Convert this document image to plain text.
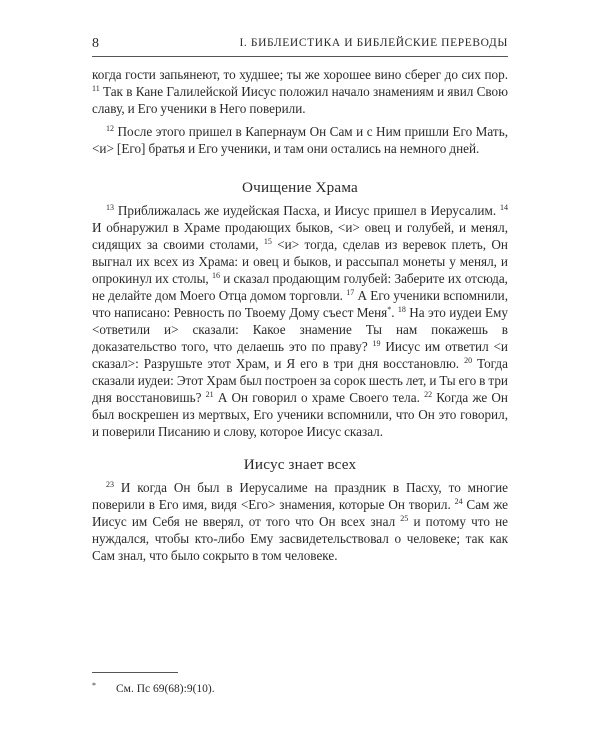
8	I. БИБЛЕИСТИКА И БИБЛЕЙСКИЕ ПЕРЕВОДЫ

когда гости запьянеют, то худшее; ты же хорошее вино сберег до сих пор. $^{11}$ Так в Кане Галилейской Иисус положил начало знамениям и явил Свою славу, и Его ученики в Него поверили.

$^{12}$ После этого пришел в Капернаум Он Сам и с Ним пришли Его Мать, <и> [Его] братья и Его ученики, и там они остались на немного дней.

Очищение Храма

$^{13}$ Приближалась же иудейская Пасха, и Иисус пришел в Иерусалим. $^{14}$ И обнаружил в Храме продающих быков, <и> овец и голубей, и менял, сидящих за своими столами, $^{15}$ <и> тогда, сделав из веревок плеть, Он выгнал их всех из Храма: и овец и быков, и рассыпал монеты у менял, и опрокинул их столы, $^{16}$ и сказал продающим голубей: Заберите их отсюда, не делайте дом Моего Отца домом торговли. $^{17}$ А Его ученики вспомнили, что написано: Ревность по Твоему Дому съест Меня*. $^{18}$ На это иудеи Ему <ответили и> сказали: Какое знамение Ты нам покажешь в доказательство того, что делаешь это по праву? $^{19}$ Иисус им ответил <и сказал>: Разрушьте этот Храм, и Я его в три дня восстановлю. $^{20}$ Тогда сказали иудеи: Этот Храм был построен за сорок шесть лет, и Ты его в три дня восстановишь? $^{21}$ А Он говорил о храме Своего тела. $^{22}$ Когда же Он был воскрешен из мертвых, Его ученики вспомнили, что Он это говорил, и поверили Писанию и слову, которое Иисус сказал.

Иисус знает всех

$^{23}$ И когда Он был в Иерусалиме на праздник в Пасху, то многие поверили в Его имя, видя <Его> знамения, которые Он творил. $^{24}$ Сам же Иисус им Себя не вверял, от того что Он всех знал $^{25}$ и потому что не нуждался, чтобы кто-либо Ему засвидетельствовал о человеке; так как Сам знал, что было сокрыто в том человеке.

* См. Пс 69(68):9(10).
